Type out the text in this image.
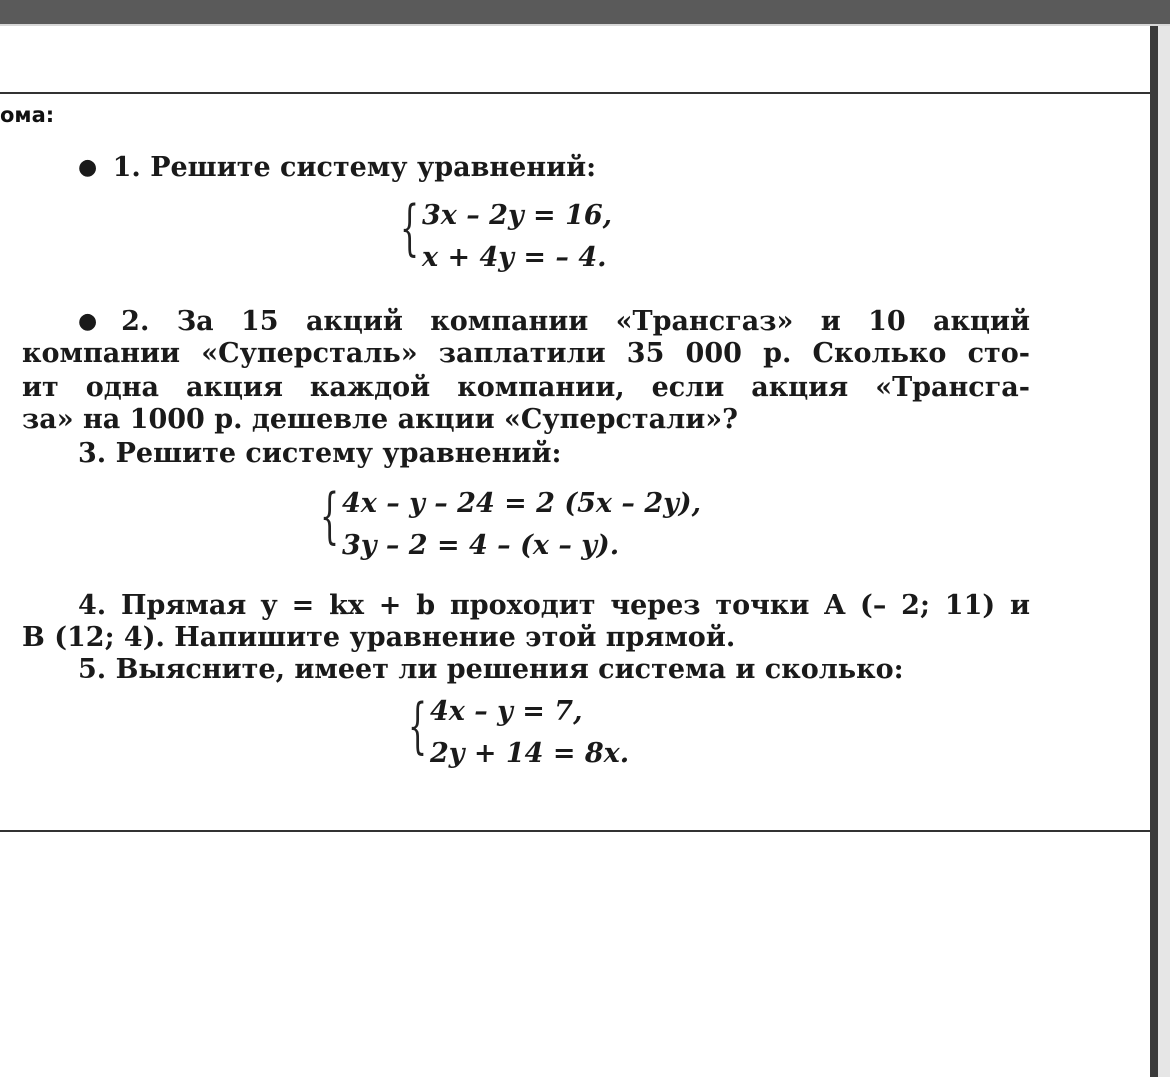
ома:
● 1. Решите систему уравнений:
{ 3x – 2y = 16,
x + 4y = – 4.
● 2. За 15 акций компании «Трансгаз» и 10 акций
компании «Суперсталь» заплатили 35 000 р. Сколько сто-
ит одна акция каждой компании, если акция «Трансга-
за» на 1000 р. дешевле акции «Суперстали»?
3. Решите систему уравнений:
{ 4x – y – 24 = 2 (5x – 2y),
3y – 2 = 4 – (x – y).
4. Прямая y = kx + b проходит через точки A (– 2; 11) и
B (12; 4). Напишите уравнение этой прямой.
5. Выясните, имеет ли решения система и сколько:
{ 4x – y = 7,
2y + 14 = 8x.
